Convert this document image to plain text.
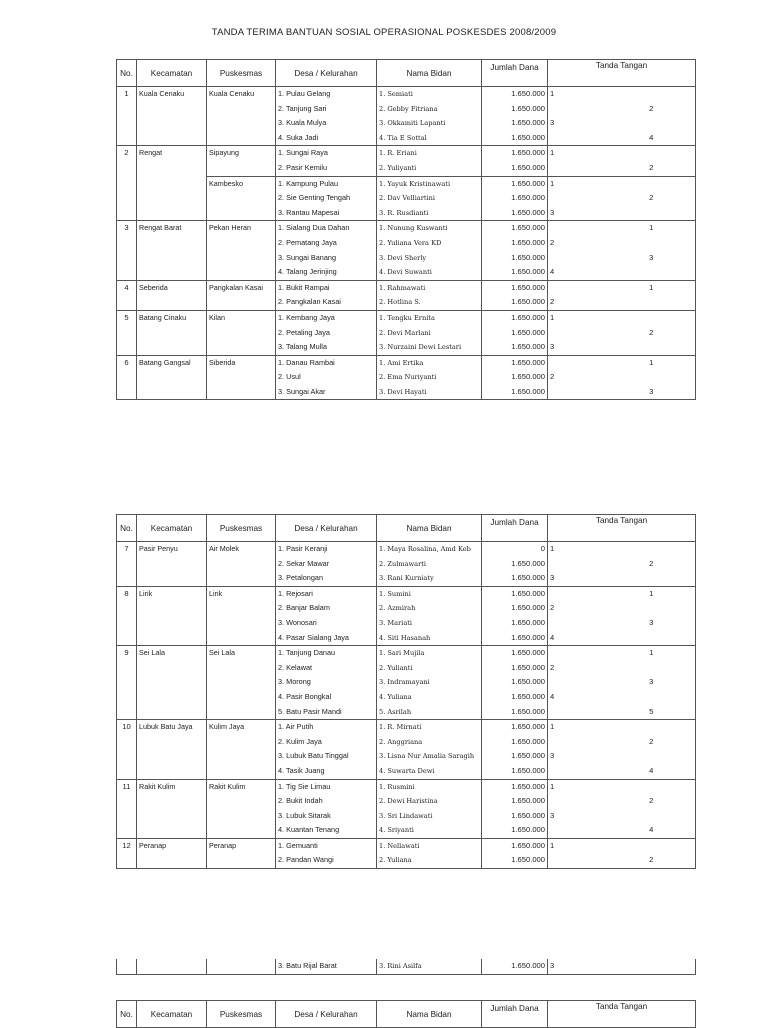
TANDA TERIMA BANTUAN SOSIAL OPERASIONAL POSKESDES 2008/2009
No.	Kecamatan	Puskesmas	Desa / Kelurahan	Nama Bidan	Jumlah Dana	Tanda Tangan	
1	Kuala Cenaku	Kuala Cenaku	1. Pulau Gelang	1. Semiati	1.650.000	1	
			2. Tanjung Sari	2. Gebby Fitriana	1.650.000		2
			3. Kuala Mulya	3. Okkamiti Lapanti	1.650.000	3	
			4. Suka Jadi	4. Tia E Sottal	1.650.000		4
2	Rengat	Sipayung	1. Sungai Raya	1. R. Eriani	1.650.000	1	
			2. Pasir Kemilu	2. Yuliyanti	1.650.000		2
		Kambesko	1. Kampung Pulau	1. Yayuk Kristinawati	1.650.000	1	
			2. Sie Genting Tengah	2. Dav Velliartini	1.650.000		2
			3. Rantau Mapesai	3. R. Rusdianti	1.650.000	3	
3	Rengat Barat	Pekan Heran	1. Sialang Dua Dahan	1. Nunung Kuswanti	1.650.000		1
			2. Pematang Jaya	2. Yuliana Vera KD	1.650.000	2	
			3. Sungai Banang	3. Devi Sherly	1.650.000		3
			4. Talang Jerinjing	4. Devi Suwanti	1.650.000	4	
4	Seberida	Pangkalan Kasai	1. Bukit Rampai	1. Rahmawati	1.650.000		1
			2. Pangkalan Kasai	2. Hotlina S.	1.650.000	2	
5	Batang Cinaku	Kilan	1. Kembang Jaya	1. Tengku Ernita	1.650.000	1	
			2. Petaling Jaya	2. Devi Marlani	1.650.000		2
			3. Talang Mulla	3. Nurzaini Dewi Lestari	1.650.000	3	
6	Batang Gangsal	Siberida	1. Danau Rambai	1. Ami Ertika	1.650.000		1
			2. Usul	2. Ema Nuriyanti	1.650.000	2	
			3. Sungai Akar	3. Devi Hayati	1.650.000		3
No.	Kecamatan	Puskesmas	Desa / Kelurahan	Nama Bidan	Jumlah Dana	Tanda Tangan	
7	Pasir Penyu	Air Molek	1. Pasir Keranji	1. Maya Rosalina, Amd Keb	0	1	
			2. Sekar Mawar	2. Zulmawarti	1.650.000		2
			3. Petalongan	3. Rani Kurniaty	1.650.000	3	
8	Lirik	Lirik	1. Rejosari	1. Sumini	1.650.000		1
			2. Banjar Balam	2. Azmirah	1.650.000	2	
			3. Wonosari	3. Mariati	1.650.000		3
			4. Pasar Sialang Jaya	4. Siti Hasanah	1.650.000	4	
9	Sei Lala	Sei Lala	1. Tanjung Danau	1. Sari Mujila	1.650.000		1
			2. Kelawat	2. Yulianti	1.650.000	2	
			3. Morong	3. Indramayani	1.650.000		3
			4. Pasir Bongkal	4. Yuliana	1.650.000	4	
			5. Batu Pasir Mandi	5. Asrilah	1.650.000		5
10	Lubuk Batu Jaya	Kulim Jaya	1. Air Putih	1. R. Mirnati	1.650.000	1	
			2. Kulim Jaya	2. Anggriana	1.650.000		2
			3. Lubuk Batu Tinggal	3. Lisna Nur Amalia Saragih	1.650.000	3	
			4. Tasik Juang	4. Suwarta Dewi	1.650.000		4
11	Rakit Kulim	Rakit Kulim	1. Tig Sie Limau	1. Rusmini	1.650.000	1	
			2. Bukit Indah	2. Dewi Haristina	1.650.000		2
			3. Lubuk Sitarak	3. Sri Lindawati	1.650.000	3	
			4. Kuantan Tenang	4. Sriyanti	1.650.000		4
12	Peranap	Peranap	1. Gemuanti	1. Nellawati	1.650.000	1	
			2. Pandan Wangi	2. Yuliana	1.650.000		2
			3. Batu Rijal Barat	3. Rini Asilfa	1.650.000	3	
No.	Kecamatan	Puskesmas	Desa / Kelurahan	Nama Bidan	Jumlah Dana	Tanda Tangan
